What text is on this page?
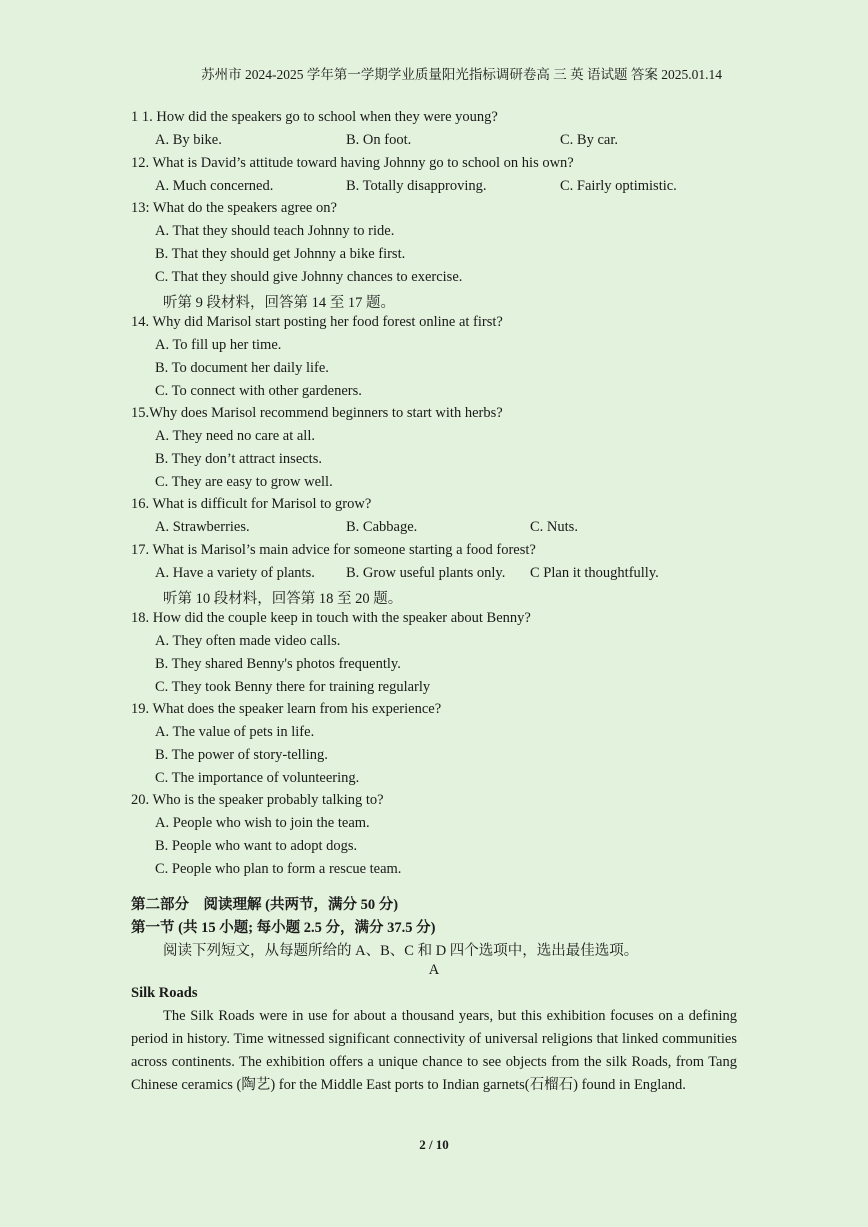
苏州市 2024-2025 学年第一学期学业质量阳光指标调研卷高 三 英 语试题 答案 2025.01.14
1 1. How did the speakers go to school when they were young?
A. By bike.	B. On foot.	C. By car.
12. What is David’s attitude toward having Johnny go to school on his own?
A. Much concerned.	B. Totally disapproving.	C. Fairly optimistic.
13: What do the speakers agree on?
A. That they should teach Johnny to ride.
B. That they should get Johnny a bike first.
C. That they should give Johnny chances to exercise.
听第 9 段材料，回答第 14 至 17 题。
14. Why did Marisol start posting her food forest online at first?
A. To fill up her time.
B. To document her daily life.
C. To connect with other gardeners.
15.Why does Marisol recommend beginners to start with herbs?
A. They need no care at all.
B. They don’t attract insects.
C. They are easy to grow well.
16. What is difficult for Marisol to grow?
A. Strawberries.	B. Cabbage.	C. Nuts.
17. What is Marisol’s main advice for someone starting a food forest?
A. Have a variety of plants. B. Grow useful plants only. C Plan it thoughtfully.
听第 10 段材料，回答第 18 至 20 题。
18. How did the couple keep in touch with the speaker about Benny?
A. They often made video calls.
B. They shared Benny's photos frequently.
C. They took Benny there for training regularly
19. What does the speaker learn from his experience?
A. The value of pets in life.
B. The power of story-telling.
C. The importance of volunteering.
20. Who is the speaker probably talking to?
A. People who wish to join the team.
B. People who want to adopt dogs.
C. People who plan to form a rescue team.
第二部分　阅读理解 (共两节，满分 50 分)
第一节 (共 15 小题; 每小题 2.5 分，满分 37.5 分)
阅读下列短文，从每题所给的 A、B、C 和 D 四个选项中，选出最佳选项。
A
Silk Roads

The Silk Roads were in use for about a thousand years, but this exhibition focuses on a defining period in history. Time witnessed significant connectivity of universal religions that linked communities across continents. The exhibition offers a unique chance to see objects from the silk Roads, from Tang Chinese ceramics (陶艺) for the Middle East ports to Indian garnets(石榴石) found in England.

2 / 10
